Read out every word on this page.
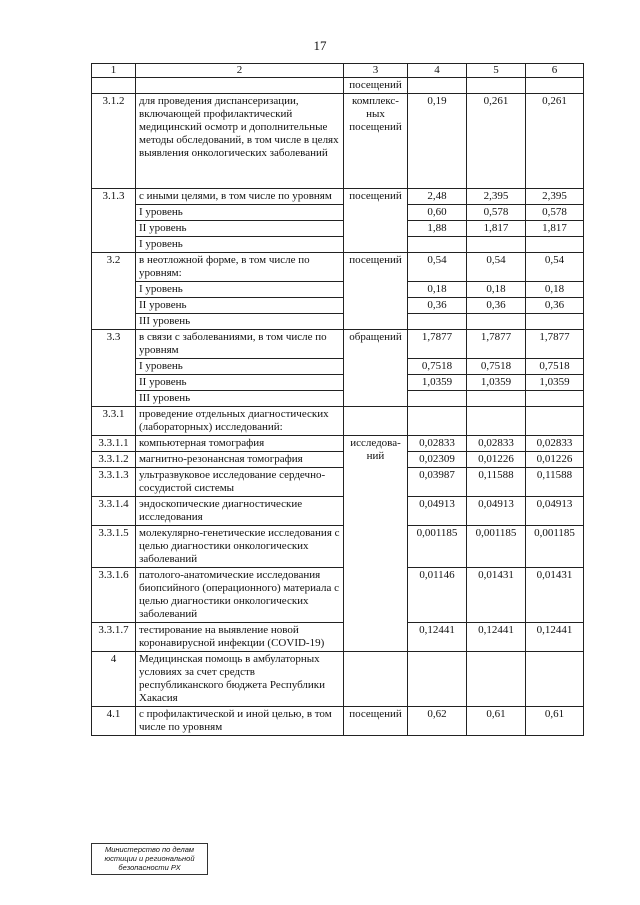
17
1	2	3	4	5	6
		посещений			
3.1.2	для проведения диспансеризации, включающей профилактический медицинский осмотр и дополнительные методы обследований, в том числе в целях выявления онкологических заболеваний	комплекс-ных посещений	0,19	0,261	0,261
3.1.3	с иными целями, в том числе по уровням	посещений	2,48	2,395	2,395
	I уровень		0,60	0,578	0,578
	II уровень		1,88	1,817	1,817
	I уровень				
3.2	в неотложной форме, в том числе по уровням:	посещений	0,54	0,54	0,54
	I уровень		0,18	0,18	0,18
	II уровень		0,36	0,36	0,36
	III уровень				
3.3	в связи с заболеваниями, в том числе по уровням	обращений	1,7877	1,7877	1,7877
	I уровень		0,7518	0,7518	0,7518
	II уровень		1,0359	1,0359	1,0359
	III уровень				
3.3.1	проведение отдельных диагностических (лабораторных) исследований:				
3.3.1.1	компьютерная томография	исследова-ний	0,02833	0,02833	0,02833
3.3.1.2	магнитно-резонансная томография		0,02309	0,01226	0,01226
3.3.1.3	ультразвуковое исследование сердечно-сосудистой системы		0,03987	0,11588	0,11588
3.3.1.4	эндоскопические диагностические исследования		0,04913	0,04913	0,04913
3.3.1.5	молекулярно-генетические исследования с целью диагностики онкологических заболеваний		0,001185	0,001185	0,001185
3.3.1.6	патолого-анатомические исследования биопсийного (операционного) материала с целью диагностики онкологических заболеваний		0,01146	0,01431	0,01431
3.3.1.7	тестирование на выявление новой коронавирусной инфекции (COVID-19)		0,12441	0,12441	0,12441
4	Медицинская помощь в амбулаторных условиях за счет средств республиканского бюджета Республики Хакасия				
4.1	с профилактической и иной целью, в том числе по уровням	посещений	0,62	0,61	0,61
Министерство по делам
юстиции и региональной
безопасности РХ
